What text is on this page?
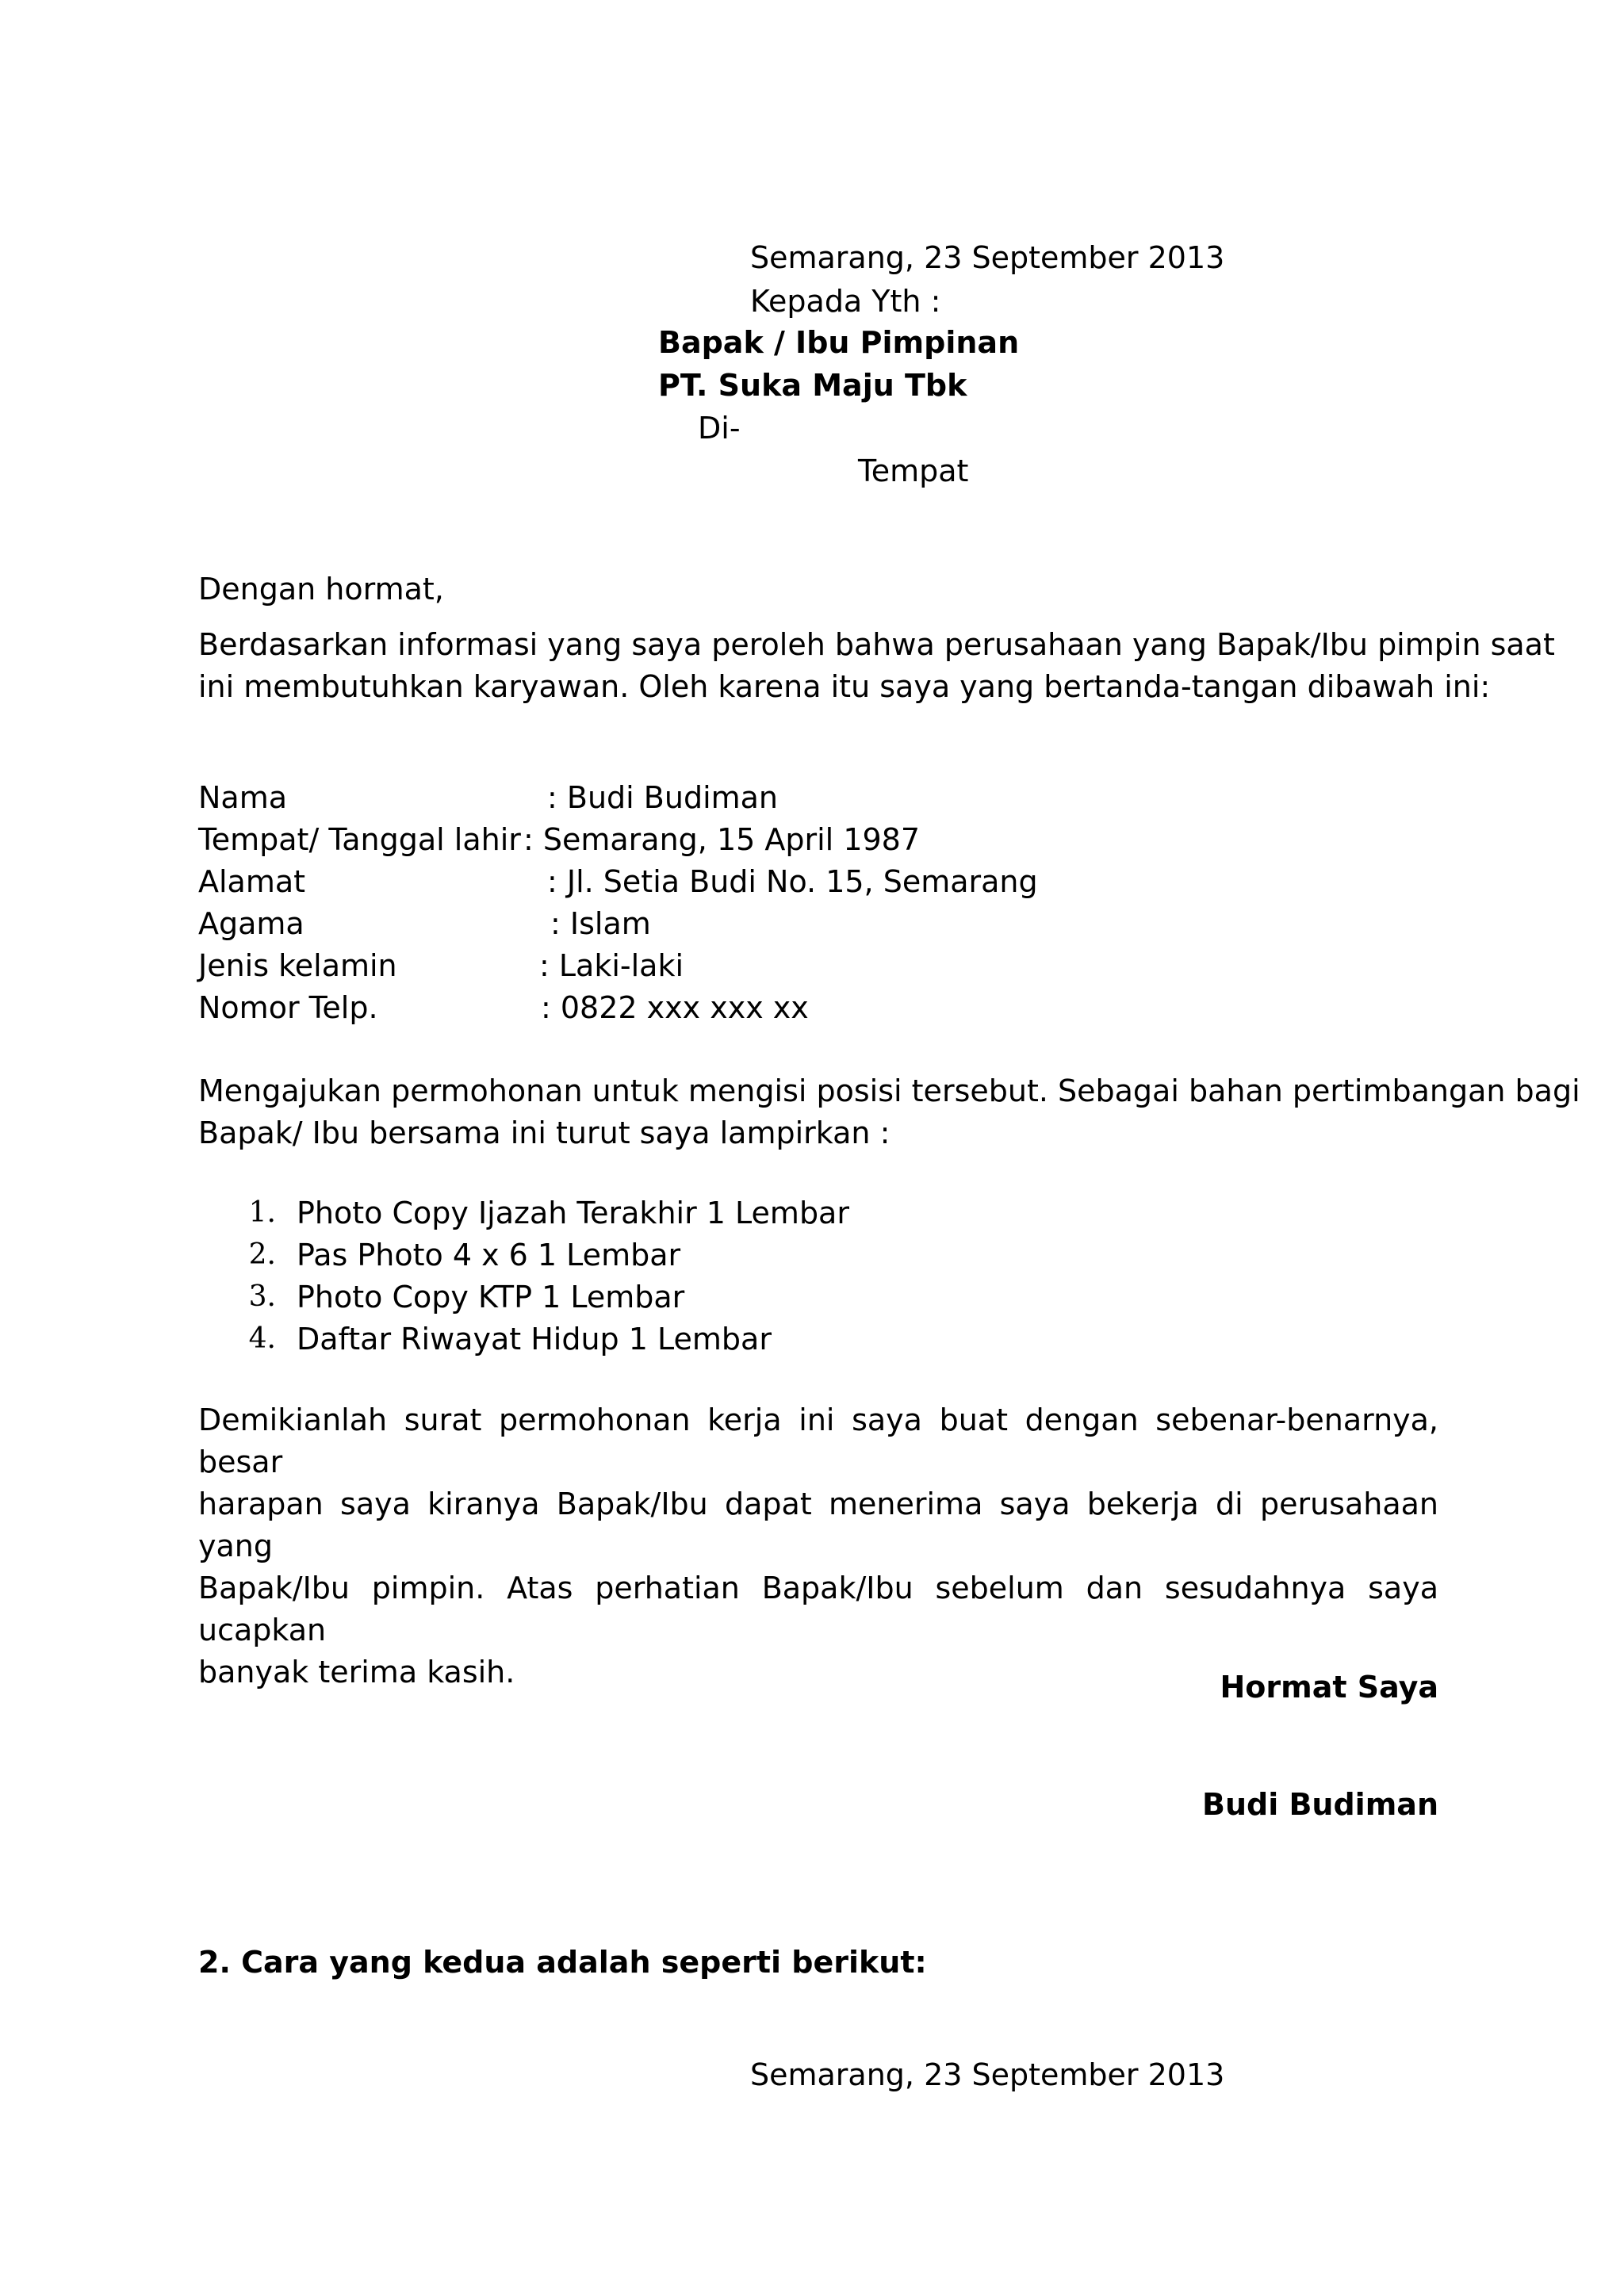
Semarang, 23 September 2013
Kepada Yth :
Bapak / Ibu Pimpinan
PT. Suka Maju Tbk
Di-
Tempat
Dengan hormat,
Berdasarkan informasi yang saya peroleh bahwa perusahaan yang Bapak/Ibu pimpin saat
ini membutuhkan karyawan. Oleh karena itu saya yang bertanda-tangan dibawah ini:
Nama	: Budi Budiman
Tempat/ Tanggal lahir : Semarang, 15 April 1987
Alamat	: Jl. Setia Budi No. 15, Semarang
Agama	: Islam
Jenis kelamin	: Laki-laki
Nomor Telp.	: 0822 xxx xxx xx
Mengajukan permohonan untuk mengisi posisi tersebut. Sebagai bahan pertimbangan bagi
Bapak/ Ibu bersama ini turut saya lampirkan :
1. Photo Copy Ijazah Terakhir 1 Lembar
2. Pas Photo 4 x 6 1 Lembar
3. Photo Copy KTP 1 Lembar
4. Daftar Riwayat Hidup 1 Lembar
Demikianlah surat permohonan kerja ini saya buat dengan sebenar-benarnya, besar
harapan saya kiranya Bapak/Ibu dapat menerima saya bekerja di perusahaan yang
Bapak/Ibu pimpin. Atas perhatian Bapak/Ibu sebelum dan sesudahnya saya ucapkan
banyak terima kasih.	Hormat Saya
Budi Budiman
2. Cara yang kedua adalah seperti berikut:
Semarang, 23 September 2013
